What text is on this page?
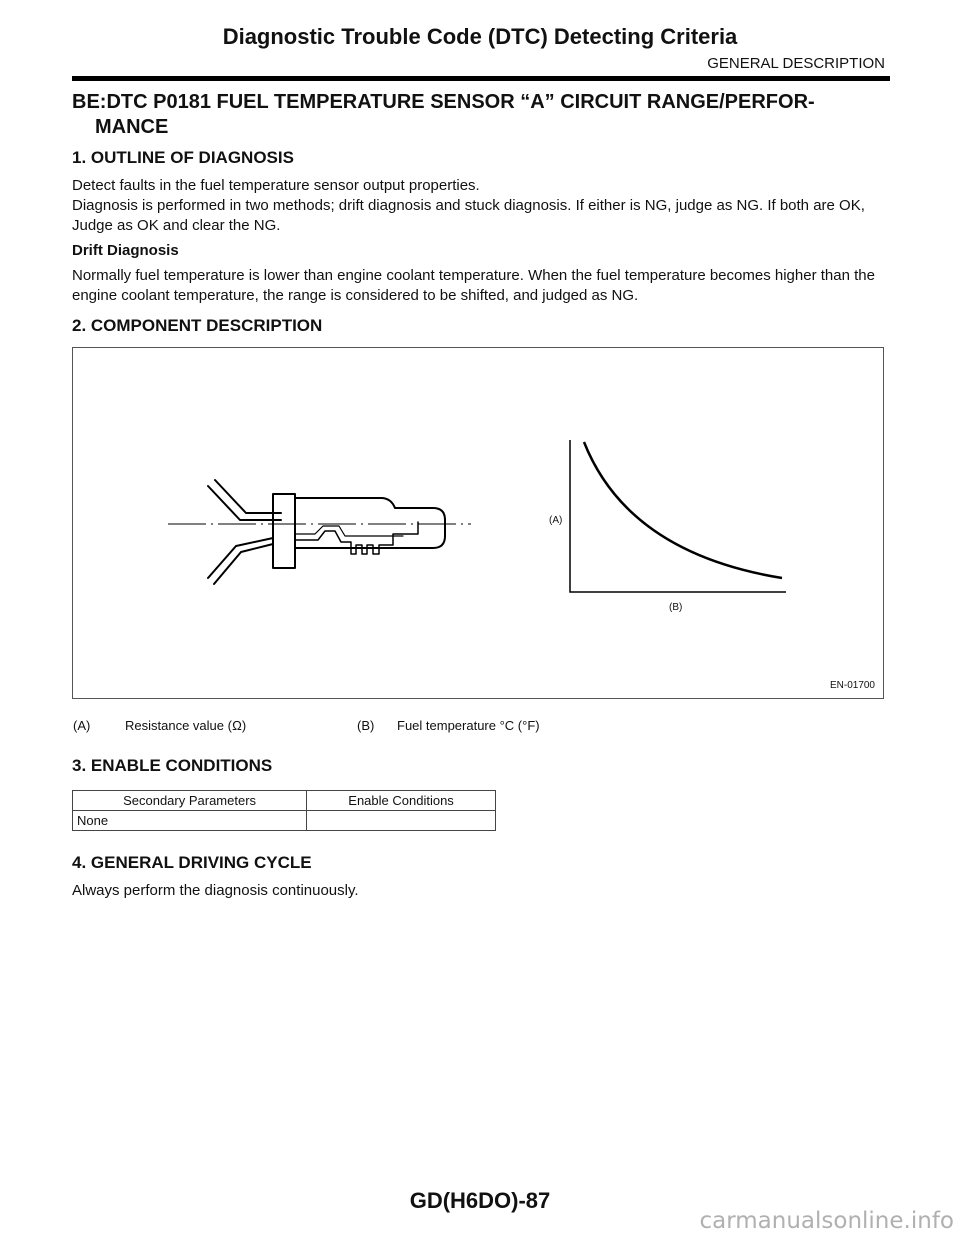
Diagnostic Trouble Code (DTC) Detecting Criteria
GENERAL DESCRIPTION
BE:DTC P0181 FUEL TEMPERATURE SENSOR “A” CIRCUIT RANGE/PERFOR-
MANCE
1. OUTLINE OF DIAGNOSIS
Detect faults in the fuel temperature sensor output properties.
Diagnosis is performed in two methods; drift diagnosis and stuck diagnosis. If either is NG, judge as NG. If both are OK, Judge as OK and clear the NG.
Drift Diagnosis
Normally fuel temperature is lower than engine coolant temperature. When the fuel temperature becomes higher than the engine coolant temperature, the range is considered to be shifted, and judged as NG.
2. COMPONENT DESCRIPTION
(A)
(B)
EN-01700
(A)	Resistance value (Ω)	(B) Fuel temperature °C (°F)
3. ENABLE CONDITIONS
Secondary Parameters	Enable Conditions
None	
4. GENERAL DRIVING CYCLE
Always perform the diagnosis continuously.
GD(H6DO)-87
carmanualsonline.info
